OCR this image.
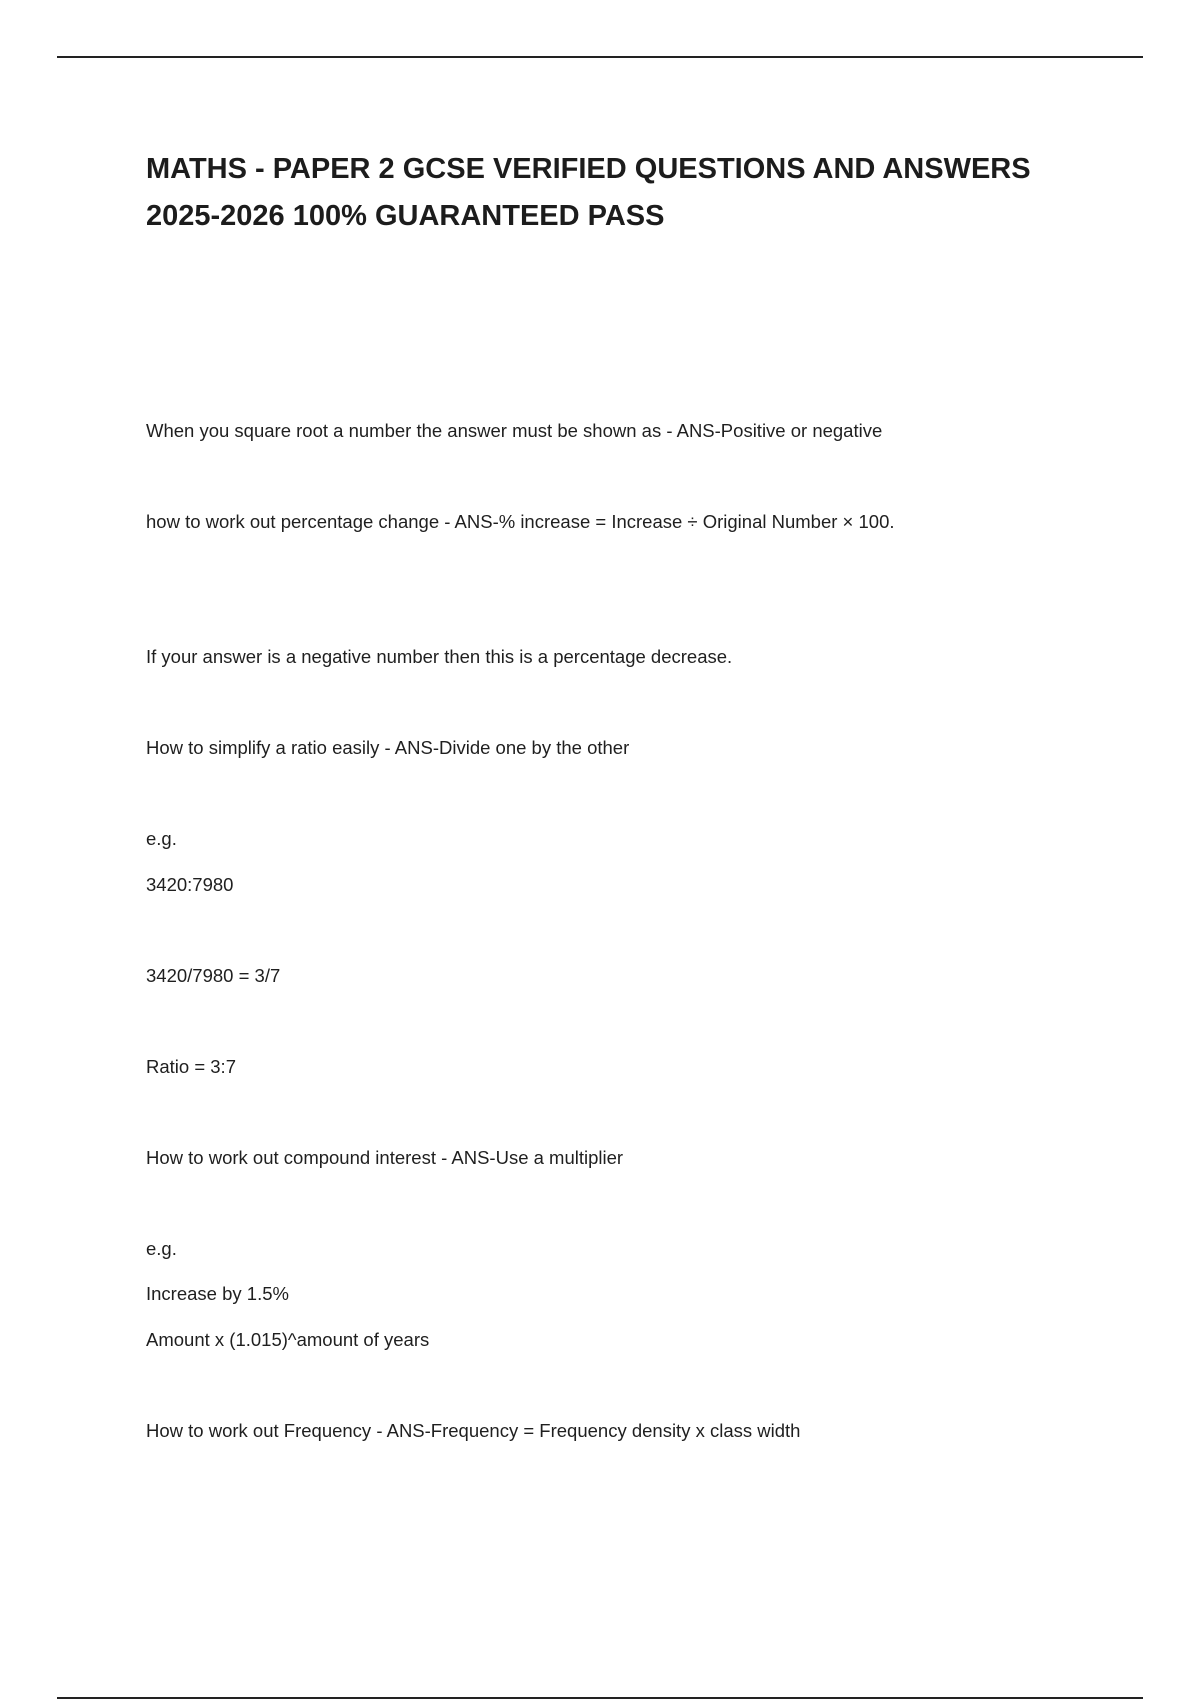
MATHS - PAPER 2 GCSE VERIFIED QUESTIONS AND ANSWERS 2025-2026 100% GUARANTEED PASS

When you square root a number the answer must be shown as - ANS-Positive or negative

how to work out percentage change - ANS-% increase = Increase ÷ Original Number × 100.

If your answer is a negative number then this is a percentage decrease.

How to simplify a ratio easily - ANS-Divide one by the other

e.g.

3420:7980

3420/7980 = 3/7

Ratio = 3:7

How to work out compound interest - ANS-Use a multiplier

e.g.

Increase by 1.5%

Amount x (1.015)^amount of years

How to work out Frequency - ANS-Frequency = Frequency density x class width
